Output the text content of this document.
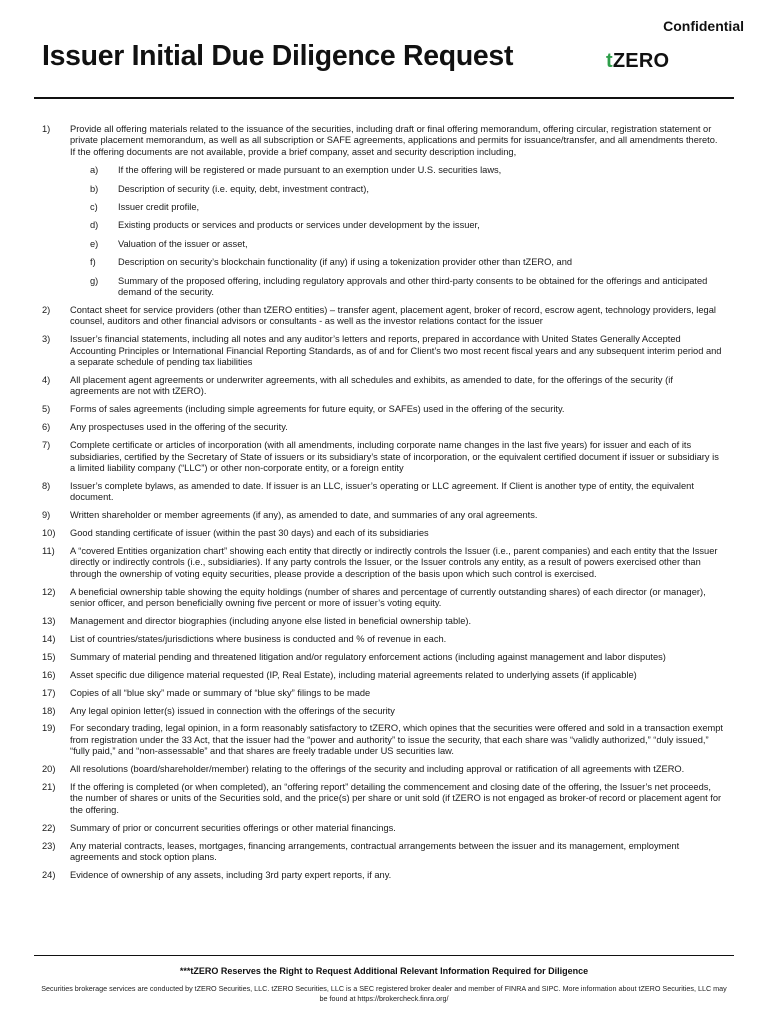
Confidential
Issuer Initial Due Diligence Request	tZERO
1)	Provide all offering materials related to the issuance of the securities, including draft or final offering memorandum, offering circular, registration statement or private placement memorandum, as well as all subscription or SAFE agreements, applications and permits for issuance/transfer, and all amendments thereto. If the offering documents are not available, provide a brief company, asset and security description including,
a)	If the offering will be registered or made pursuant to an exemption under U.S. securities laws,
b)	Description of security (i.e. equity, debt, investment contract),
c)	Issuer credit profile,
d)	Existing products or services and products or services under development by the issuer,
e)	Valuation of the issuer or asset,
f)	Description on security’s blockchain functionality (if any) if using a tokenization provider other than tZERO, and
g)	Summary of the proposed offering, including regulatory approvals and other third-party consents to be obtained for the offerings and anticipated demand of the security.
2)	Contact sheet for service providers (other than tZERO entities) – transfer agent, placement agent, broker of record, escrow agent, technology providers, legal counsel, auditors and other financial advisors or consultants - as well as the investor relations contact for the issuer
3)	Issuer’s financial statements, including all notes and any auditor’s letters and reports, prepared in accordance with United States Generally Accepted Accounting Principles or International Financial Reporting Standards, as of and for Client’s two most recent fiscal years and any subsequent interim period and a separate schedule of pending tax liabilities
4)	All placement agent agreements or underwriter agreements, with all schedules and exhibits, as amended to date, for the offerings of the security (if agreements are not with tZERO).
5)	Forms of sales agreements (including simple agreements for future equity, or SAFEs) used in the offering of the security.
6)	Any prospectuses used in the offering of the security.
7)	Complete certificate or articles of incorporation (with all amendments, including corporate name changes in the last five years) for issuer and each of its subsidiaries, certified by the Secretary of State of issuers or its subsidiary’s state of incorporation, or the equivalent certified document if issuer or subsidiary is a limited liability company (“LLC”) or other non-corporate entity, or a foreign entity
8)	Issuer’s complete bylaws, as amended to date. If issuer is an LLC, issuer’s operating or LLC agreement. If Client is another type of entity, the equivalent document.
9)	Written shareholder or member agreements (if any), as amended to date, and summaries of any oral agreements.
10)	Good standing certificate of issuer (within the past 30 days) and each of its subsidiaries
11)	A “covered Entities organization chart” showing each entity that directly or indirectly controls the Issuer (i.e., parent companies) and each entity that the Issuer directly or indirectly controls (i.e., subsidiaries). If any party controls the Issuer, or the Issuer controls any entity, as a result of powers exercised other than through the ownership of voting equity securities, please provide a description of the basis upon which such control is exercised.
12)	A beneficial ownership table showing the equity holdings (number of shares and percentage of currently outstanding shares) of each director (or manager), senior officer, and person beneficially owning five percent or more of issuer’s voting equity.
13)	Management and director biographies (including anyone else listed in beneficial ownership table).
14)	List of countries/states/jurisdictions where business is conducted and % of revenue in each.
15)	Summary of material pending and threatened litigation and/or regulatory enforcement actions (including against management and labor disputes)
16)	Asset specific due diligence material requested (IP, Real Estate), including material agreements related to underlying assets (if applicable)
17)	Copies of all “blue sky” made or summary of “blue sky” filings to be made
18)	Any legal opinion letter(s) issued in connection with the offerings of the security
19)	For secondary trading, legal opinion, in a form reasonably satisfactory to tZERO, which opines that the securities were offered and sold in a transaction exempt from registration under the 33 Act, that the issuer had the “power and authority” to issue the security, that each share was “validly authorized,” “duly issued,” “fully paid,” and “non-assessable” and that shares are freely tradable under US securities law.
20)	All resolutions (board/shareholder/member) relating to the offerings of the security and including approval or ratification of all agreements with tZERO.
21)	If the offering is completed (or when completed), an “offering report” detailing the commencement and closing date of the offering, the Issuer’s net proceeds, the number of shares or units of the Securities sold, and the price(s) per share or unit sold (if tZERO is not engaged as broker-of record or placement agent for the offering.
22)	Summary of prior or concurrent securities offerings or other material financings.
23)	Any material contracts, leases, mortgages, financing arrangements, contractual arrangements between the issuer and its management, employment agreements and stock option plans.
24)	Evidence of ownership of any assets, including 3rd party expert reports, if any.
***tZERO Reserves the Right to Request Additional Relevant Information Required for Diligence
Securities brokerage services are conducted by tZERO Securities, LLC. tZERO Securities, LLC is a SEC registered broker dealer and member of FINRA and SIPC. More information about tZERO Securities, LLC may be found at https://brokercheck.finra.org/
